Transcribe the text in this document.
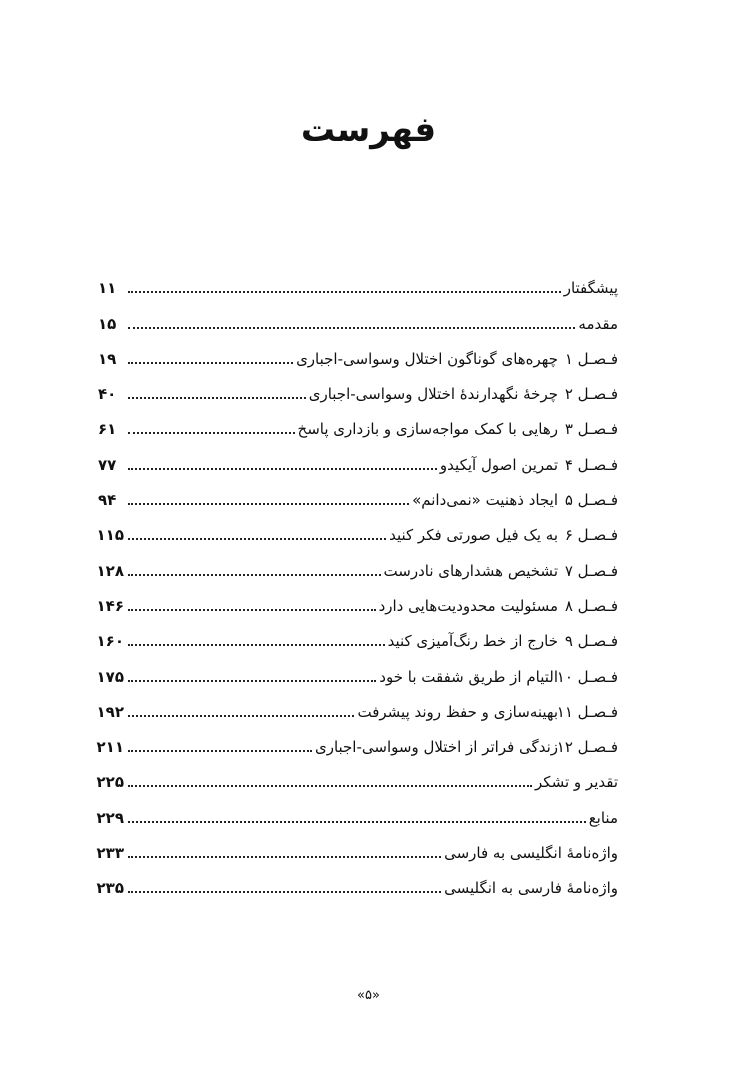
فهرست
پیشگفتار
۱۱
مقدمه
۱۵
فـصـل ۱
چهره‌های گوناگون اختلال وسواسی-اجباری
۱۹
فـصـل ۲
چرخهٔ نگهدارندهٔ اختلال وسواسی-اجباری
۴۰
فـصـل ۳
رهایی با کمک مواجه‌سازی و بازداری پاسخ
۶۱
فـصـل ۴
تمرین اصول آیکیدو
۷۷
فـصـل ۵
ایجاد ذهنیت «نمی‌دانم»
۹۴
فـصـل ۶
به یک فیل صورتی فکر کنید
۱۱۵
فـصـل ۷
تشخیص هشدارهای نادرست
۱۲۸
فـصـل ۸
مسئولیت محدودیت‌هایی دارد
۱۴۶
فـصـل ۹
خارج از خط رنگ‌آمیزی کنید
۱۶۰
فـصـل ۱۰
التیام از طریق شفقت با خود
۱۷۵
فـصـل ۱۱
بهینه‌سازی و حفظ روند پیشرفت
۱۹۲
فـصـل ۱۲
زندگی فراتر از اختلال وسواسی-اجباری
۲۱۱
تقدیر و تشکر
۲۲۵
منابع
۲۲۹
واژه‌نامهٔ انگلیسی به فارسی
۲۳۳
واژه‌نامهٔ فارسی به انگلیسی
۲۳۵
«۵»
